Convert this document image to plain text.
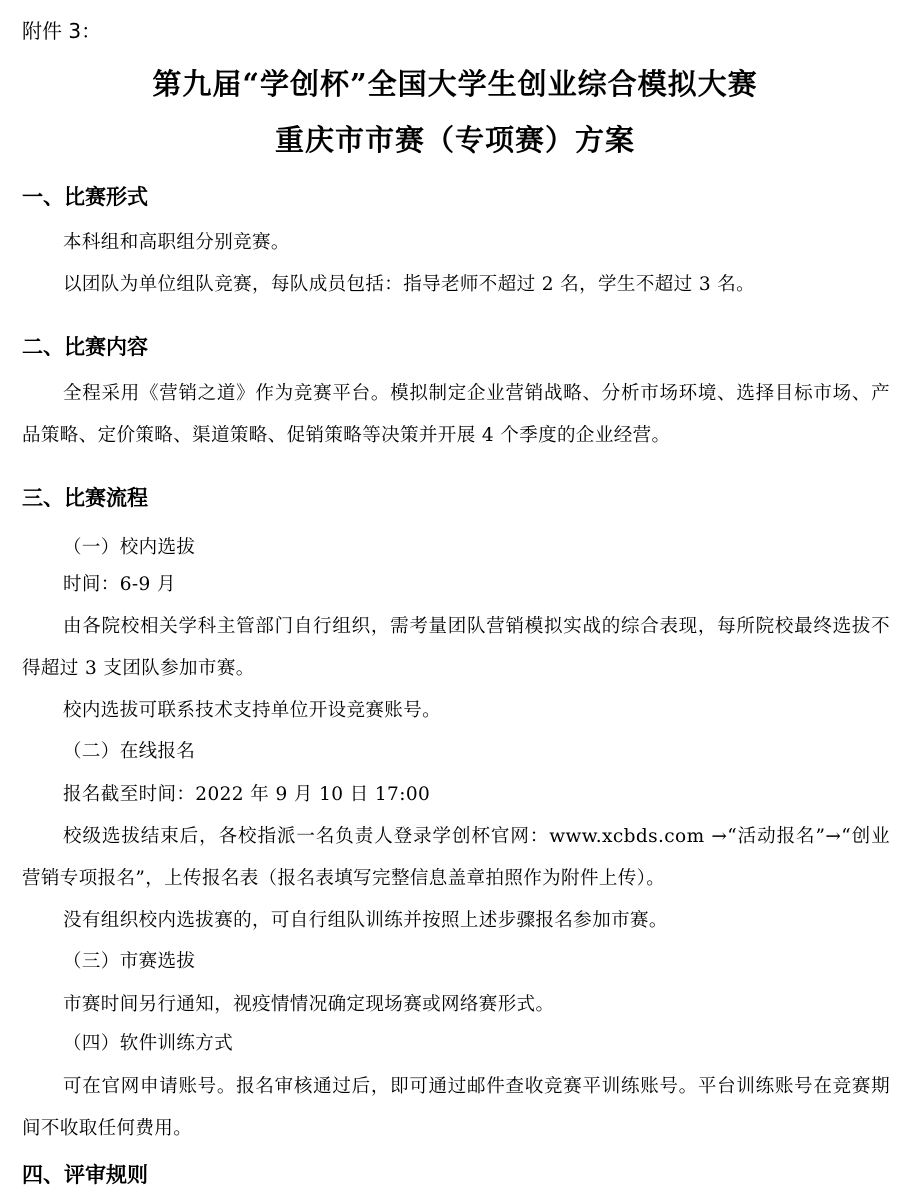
附件 3：
第九届“学创杯”全国大学生创业综合模拟大赛
重庆市市赛（专项赛）方案
一、比赛形式
本科组和高职组分别竞赛。
以团队为单位组队竞赛，每队成员包括：指导老师不超过 2 名，学生不超过 3 名。
二、比赛内容
全程采用《营销之道》作为竞赛平台。模拟制定企业营销战略、分析市场环境、选择目标市场、产品策略、定价策略、渠道策略、促销策略等决策并开展 4 个季度的企业经营。
三、比赛流程
（一）校内选拔
时间：6-9 月
由各院校相关学科主管部门自行组织，需考量团队营销模拟实战的综合表现，每所院校最终选拔不得超过 3 支团队参加市赛。
校内选拔可联系技术支持单位开设竞赛账号。
（二）在线报名
报名截至时间：2022 年 9 月 10 日 17:00
校级选拔结束后，各校指派一名负责人登录学创杯官网：www.xcbds.com →“活动报名”→“创业营销专项报名”，上传报名表（报名表填写完整信息盖章拍照作为附件上传）。
没有组织校内选拔赛的，可自行组队训练并按照上述步骤报名参加市赛。
（三）市赛选拔
市赛时间另行通知，视疫情情况确定现场赛或网络赛形式。
（四）软件训练方式
可在官网申请账号。报名审核通过后，即可通过邮件查收竞赛平训练账号。平台训练账号在竞赛期间不收取任何费用。
四、评审规则
